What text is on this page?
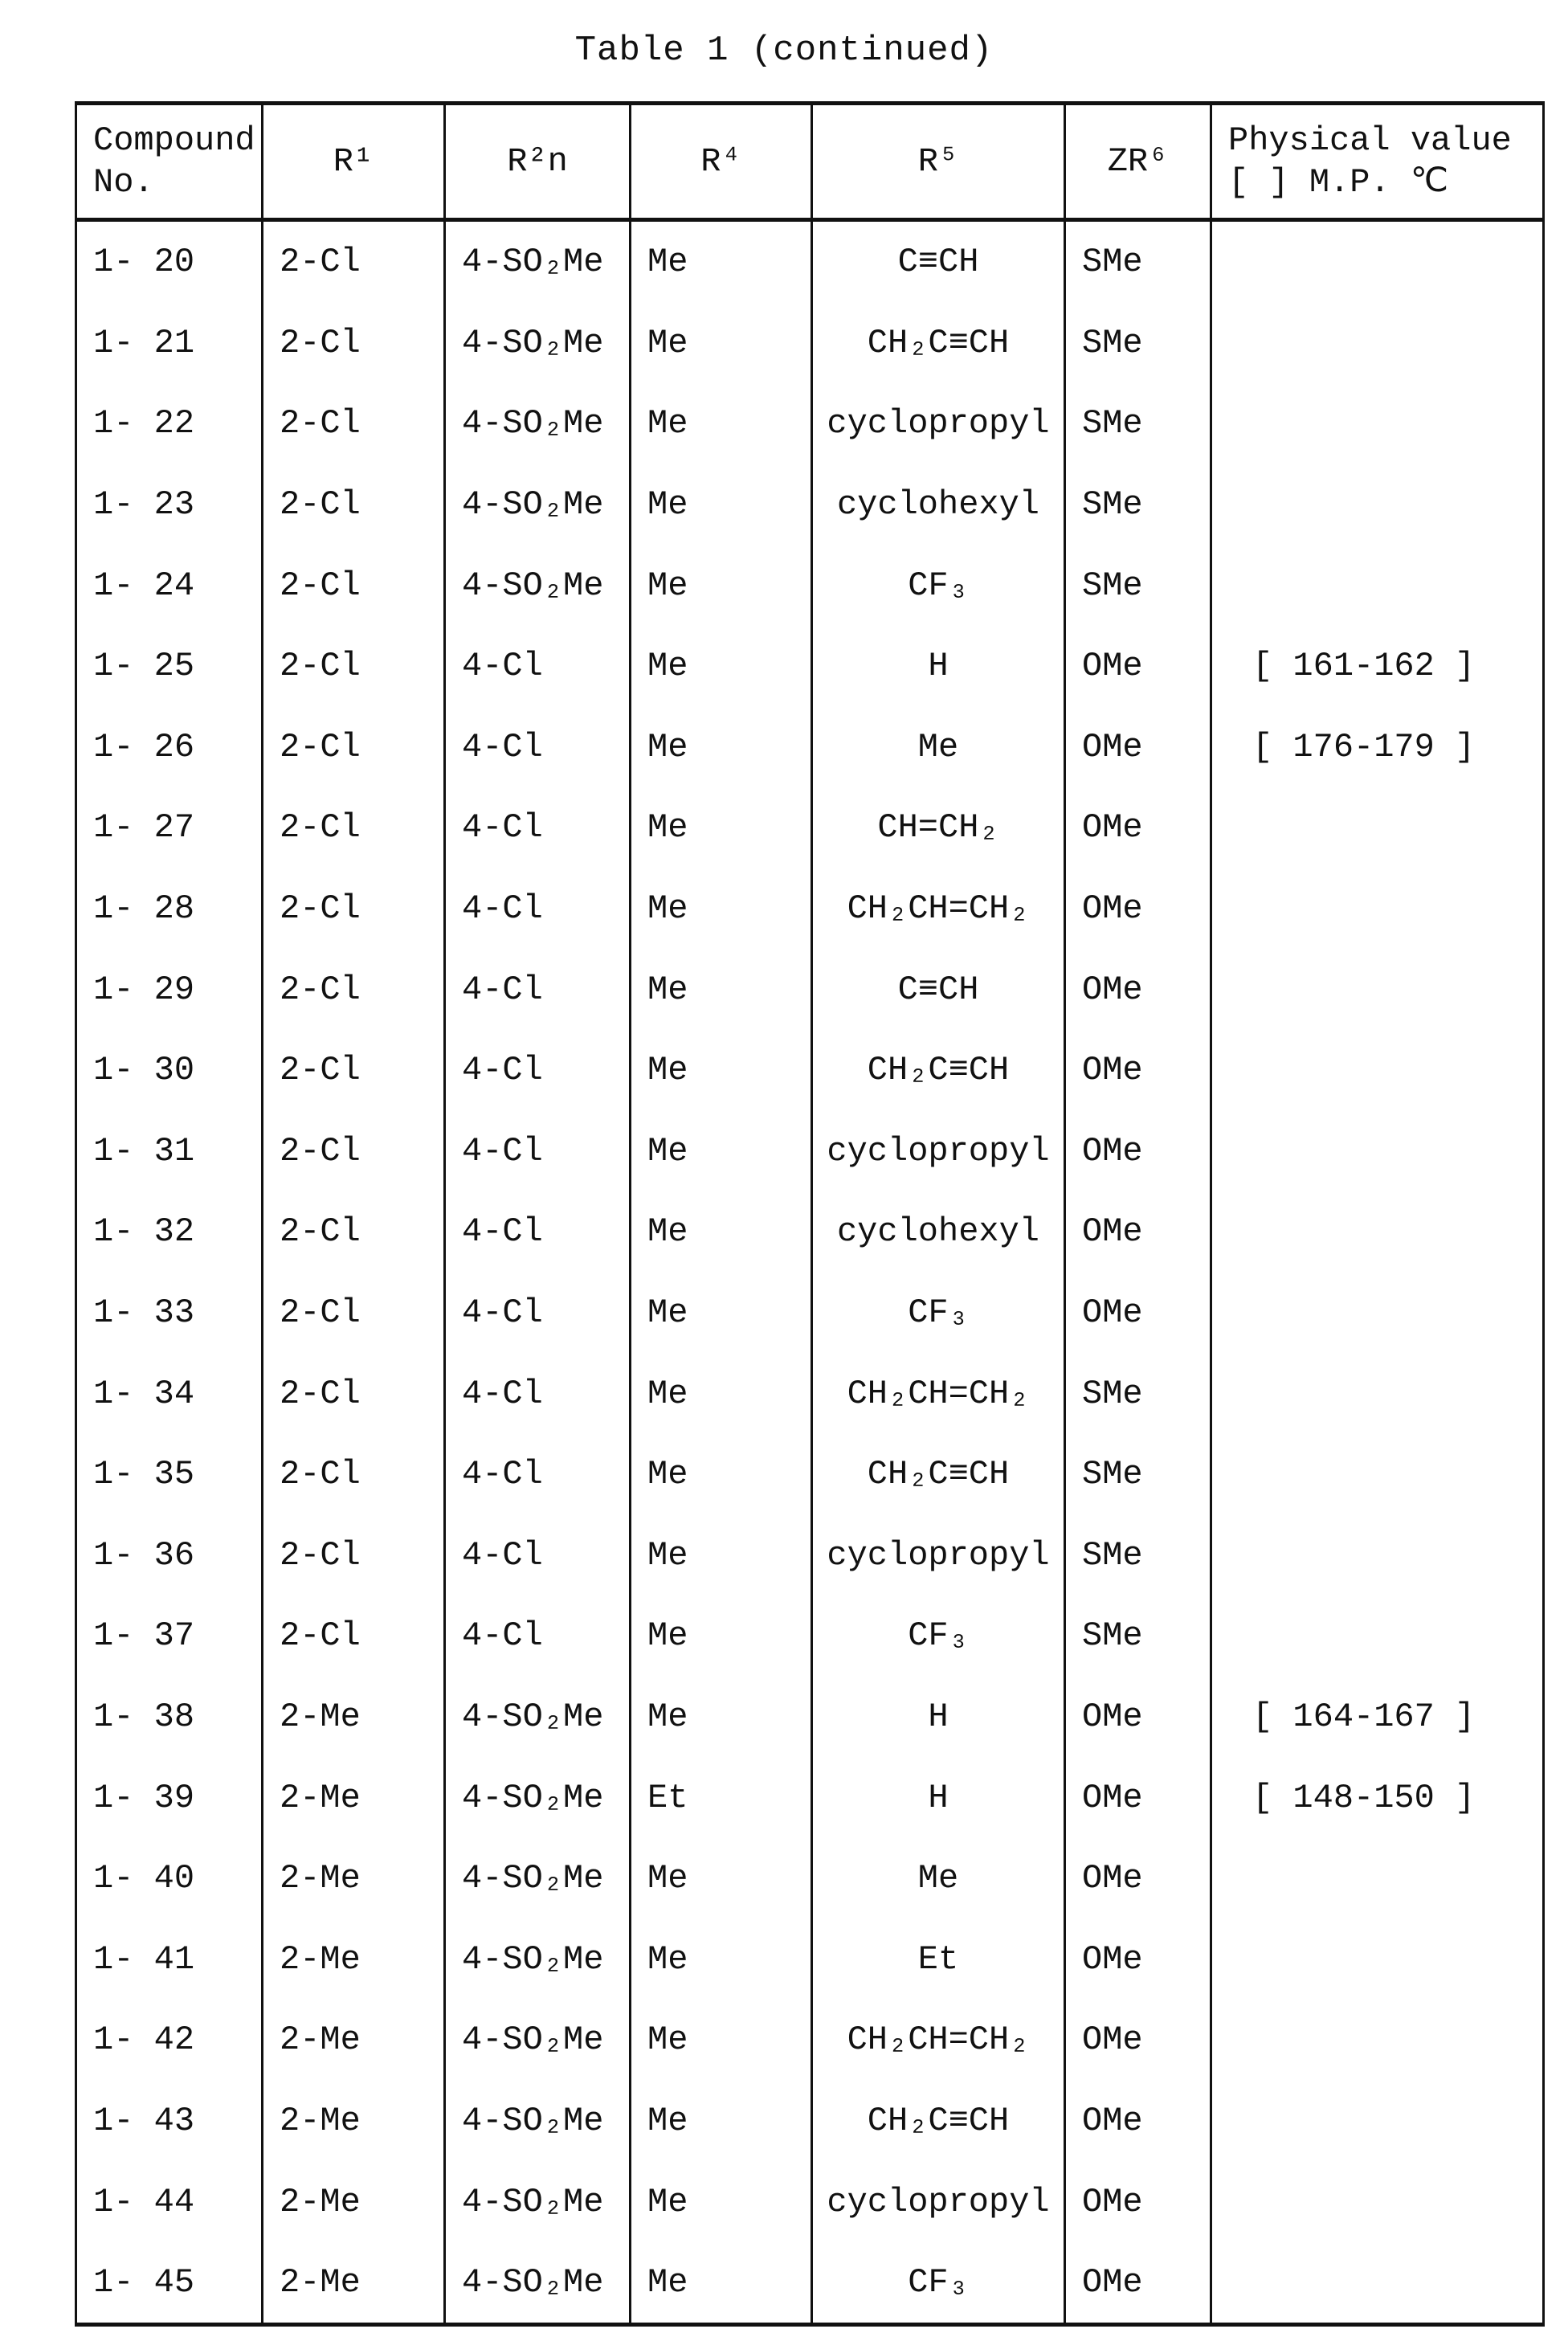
Table 1 (continued)
Compound No.	R¹	R²n	R⁴	R⁵	ZR⁶	Physical value [ ] M.P. ℃
1- 20	2-Cl	4-SO₂Me	Me	C≡CH	SMe	
1- 21	2-Cl	4-SO₂Me	Me	CH₂C≡CH	SMe	
1- 22	2-Cl	4-SO₂Me	Me	cyclopropyl	SMe	
1- 23	2-Cl	4-SO₂Me	Me	cyclohexyl	SMe	
1- 24	2-Cl	4-SO₂Me	Me	CF₃	SMe	
1- 25	2-Cl	4-Cl	Me	H	OMe	[ 161-162 ]
1- 26	2-Cl	4-Cl	Me	Me	OMe	[ 176-179 ]
1- 27	2-Cl	4-Cl	Me	CH=CH₂	OMe	
1- 28	2-Cl	4-Cl	Me	CH₂CH=CH₂	OMe	
1- 29	2-Cl	4-Cl	Me	C≡CH	OMe	
1- 30	2-Cl	4-Cl	Me	CH₂C≡CH	OMe	
1- 31	2-Cl	4-Cl	Me	cyclopropyl	OMe	
1- 32	2-Cl	4-Cl	Me	cyclohexyl	OMe	
1- 33	2-Cl	4-Cl	Me	CF₃	OMe	
1- 34	2-Cl	4-Cl	Me	CH₂CH=CH₂	SMe	
1- 35	2-Cl	4-Cl	Me	CH₂C≡CH	SMe	
1- 36	2-Cl	4-Cl	Me	cyclopropyl	SMe	
1- 37	2-Cl	4-Cl	Me	CF₃	SMe	
1- 38	2-Me	4-SO₂Me	Me	H	OMe	[ 164-167 ]
1- 39	2-Me	4-SO₂Me	Et	H	OMe	[ 148-150 ]
1- 40	2-Me	4-SO₂Me	Me	Me	OMe	
1- 41	2-Me	4-SO₂Me	Me	Et	OMe	
1- 42	2-Me	4-SO₂Me	Me	CH₂CH=CH₂	OMe	
1- 43	2-Me	4-SO₂Me	Me	CH₂C≡CH	OMe	
1- 44	2-Me	4-SO₂Me	Me	cyclopropyl	OMe	
1- 45	2-Me	4-SO₂Me	Me	CF₃	OMe	
